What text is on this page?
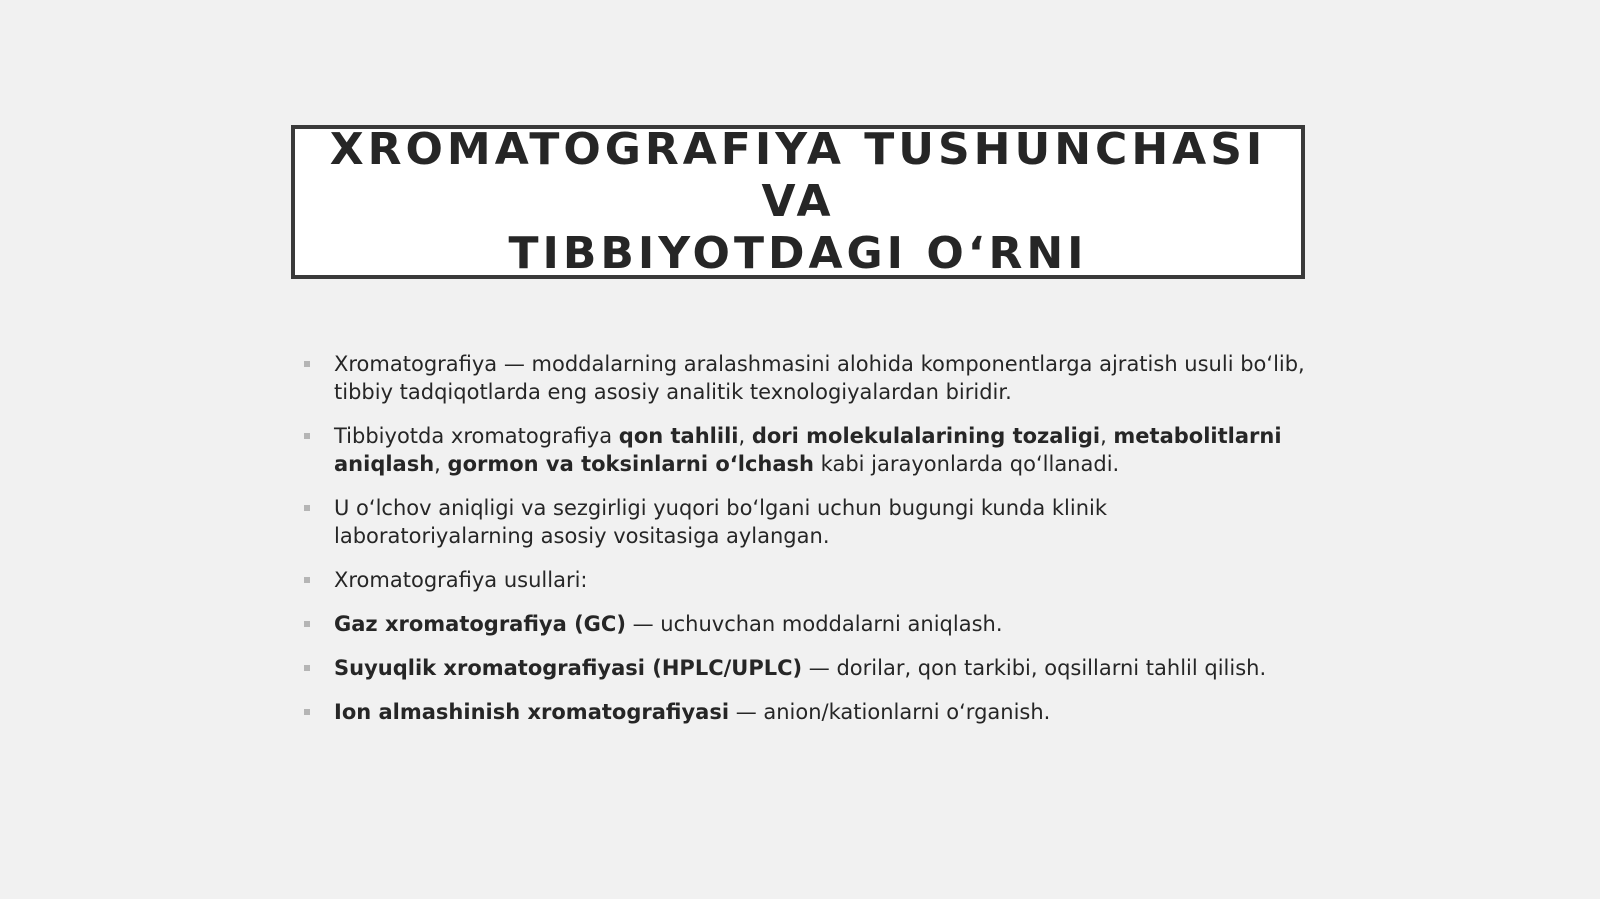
XROMATOGRAFIYA TUSHUNCHASI VA
TIBBIYOTDAGI O‘RNI
Xromatografiya — moddalarning aralashmasini alohida komponentlarga ajratish usuli bo‘lib, tibbiy tadqiqotlarda eng asosiy analitik texnologiyalardan biridir.
Tibbiyotda xromatografiya qon tahlili, dori molekulalarining tozaligi, metabolitlarni aniqlash, gormon va toksinlarni o‘lchash kabi jarayonlarda qo‘llanadi.
U o‘lchov aniqligi va sezgirligi yuqori bo‘lgani uchun bugungi kunda klinik laboratoriyalarning asosiy vositasiga aylangan.
Xromatografiya usullari:
Gaz xromatografiya (GC) — uchuvchan moddalarni aniqlash.
Suyuqlik xromatografiyasi (HPLC/UPLC) — dorilar, qon tarkibi, oqsillarni tahlil qilish.
Ion almashinish xromatografiyasi — anion/kationlarni o‘rganish.
